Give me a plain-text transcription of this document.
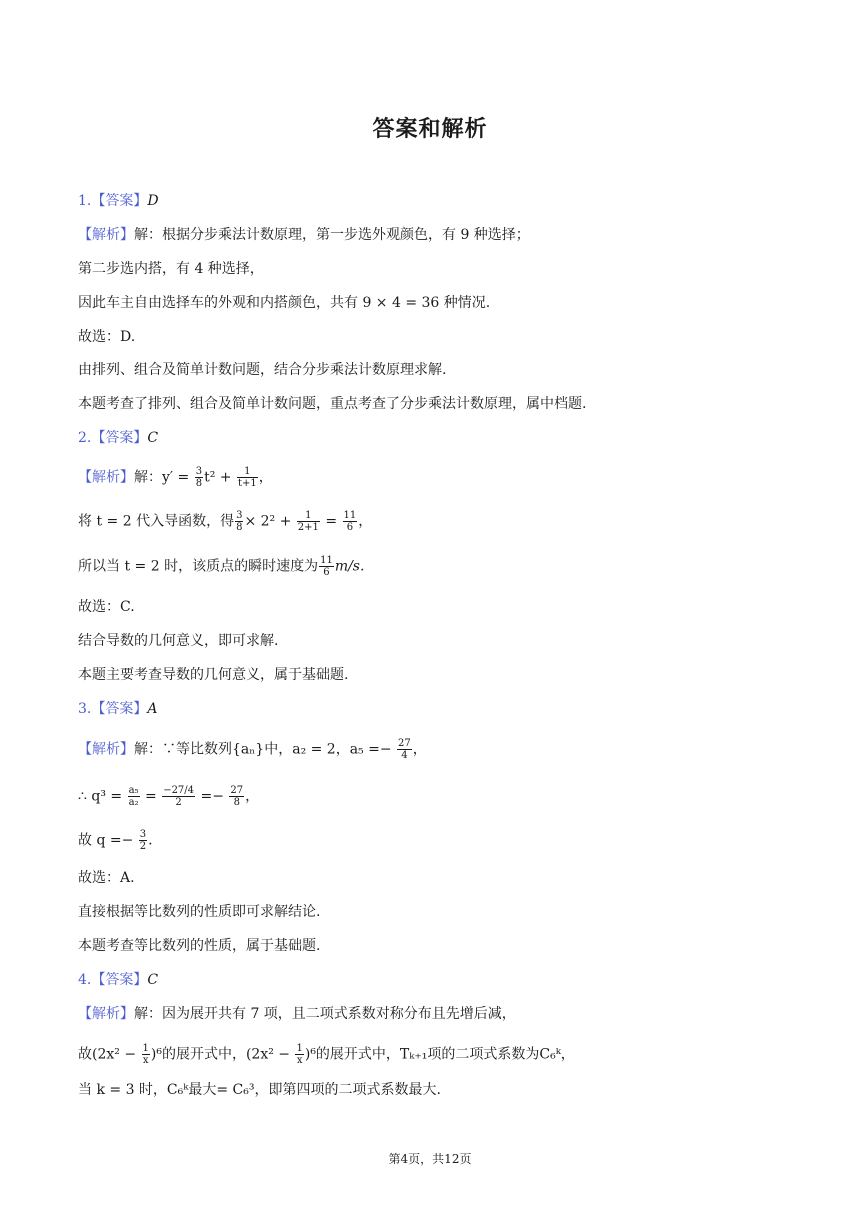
答案和解析
1.【答案】D
【解析】解：根据分步乘法计数原理，第一步选外观颜色，有 9 种选择；
第二步选内搭，有 4 种选择，
因此车主自由选择车的外观和内搭颜色，共有 9 × 4 = 36 种情况.
故选：D.
由排列、组合及简单计数问题，结合分步乘法计数原理求解.
本题考查了排列、组合及简单计数问题，重点考查了分步乘法计数原理，属中档题.
2.【答案】C
【解析】解：$y' = \frac{3}{8} t^2 + \frac{1}{t+1}$ ，
将 t = 2 代入导函数，得 $\frac{3}{8} \times 2^2 + \frac{1}{2+1} = \frac{11}{6}$ ，
所以当 t = 2 时，该质点的瞬时速度为 $\frac{11}{6} m/s$.
故选：C.
结合导数的几何意义，即可求解.
本题主要考查导数的几何意义，属于基础题.
3.【答案】A
【解析】解：∵等比数列{aₙ}中，a₂ = 2，$a_5 =- \frac{27}{4}$ ，
∴ $q^3 = \frac{\text{a₅}}{\text{a₂}} = \frac{-27/4}{2} =- \frac{27}{8}$ ，
故 $q =- \frac{3}{2}$ .
故选：A.
直接根据等比数列的性质即可求解结论.
本题考查等比数列的性质，属于基础题.
4.【答案】C
【解析】解：因为展开共有 7 项，且二项式系数对称分布且先增后减，
故$(2x^2 - \frac{1}{x} )^6$的展开式中，$(2x^2 - \frac{1}{x} )^6$的展开式中，Tₖ₊₁项的二项式系数为C₆ᵏ，
当 k = 3 时，C₆ᵏ最大= C₆³，即第四项的二项式系数最大.
第4页，共12页
